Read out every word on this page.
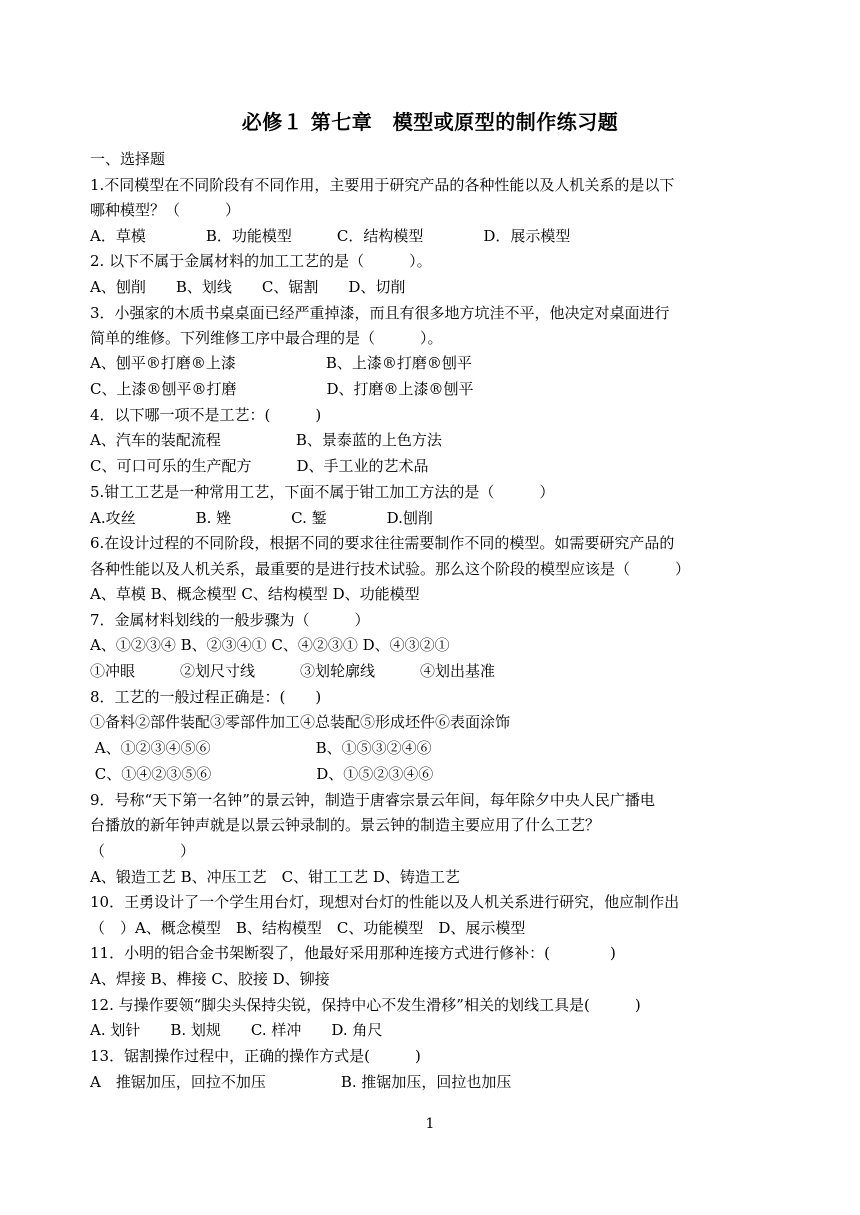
必修１ 第七章　模型或原型的制作练习题
一、选择题
1.不同模型在不同阶段有不同作用，主要用于研究产品的各种性能以及人机关系的是以下
哪种模型？（　　　）
A．草模　　　　B．功能模型　　　C．结构模型　　　　D．展示模型
2. 以下不属于金属材料的加工工艺的是（　　　）。
A、刨削　　B、划线　　C、锯割　　D、切削
3．小强家的木质书桌桌面已经严重掉漆，而且有很多地方坑洼不平，他决定对桌面进行
简单的维修。下列维修工序中最合理的是（　　　）。
A、刨平®打磨®上漆　　　　　　B、上漆®打磨®刨平
C、上漆®刨平®打磨　　　　　　D、打磨®上漆®刨平
4．以下哪一项不是工艺：(　　　)
A、汽车的装配流程　　　　　B、景泰蓝的上色方法
C、可口可乐的生产配方　　　D、手工业的艺术品
5.钳工工艺是一种常用工艺，下面不属于钳工加工方法的是（　　　）
A.攻丝　　　　B. 矬　　　　C. 錾　　　　D.刨削
6.在设计过程的不同阶段，根据不同的要求往往需要制作不同的模型。如需要研究产品的
各种性能以及人机关系，最重要的是进行技术试验。那么这个阶段的模型应该是（　　　）
A、草模 B、概念模型 C、结构模型 D、功能模型
7．金属材料划线的一般步骤为（　　　）
A、①②③④ B、②③④① C、④②③① D、④③②①
①冲眼　　　②划尺寸线　　　③划轮廓线　　　④划出基准
8．工艺的一般过程正确是：(　　)
①备料②部件装配③零部件加工④总装配⑤形成坯件⑥表面涂饰
A、①②③④⑤⑥　　　　　　　B、①⑤③②④⑥
C、①④②③⑤⑥　　　　　　　D、①⑤②③④⑥
9．号称“天下第一名钟”的景云钟，制造于唐睿宗景云年间，每年除夕中央人民广播电
台播放的新年钟声就是以景云钟录制的。景云钟的制造主要应用了什么工艺？
（　　　　　）
A、锻造工艺 B、冲压工艺　C、钳工工艺 D、铸造工艺
10．王勇设计了一个学生用台灯，现想对台灯的性能以及人机关系进行研究，他应制作出
（　）A、概念模型　B、结构模型　C、功能模型　D、展示模型
11．小明的铝合金书架断裂了，他最好采用那种连接方式进行修补：(　　　　)
A、焊接 B、榫接 C、胶接 D、铆接
12. 与操作要领“脚尖头保持尖锐，保持中心不发生滑移”相关的划线工具是(　　　)
A. 划针　　B. 划规　　C. 样冲　　D. 角尺
13．锯割操作过程中，正确的操作方式是(　　　)
A　推锯加压，回拉不加压　　　　　B. 推锯加压，回拉也加压
1
